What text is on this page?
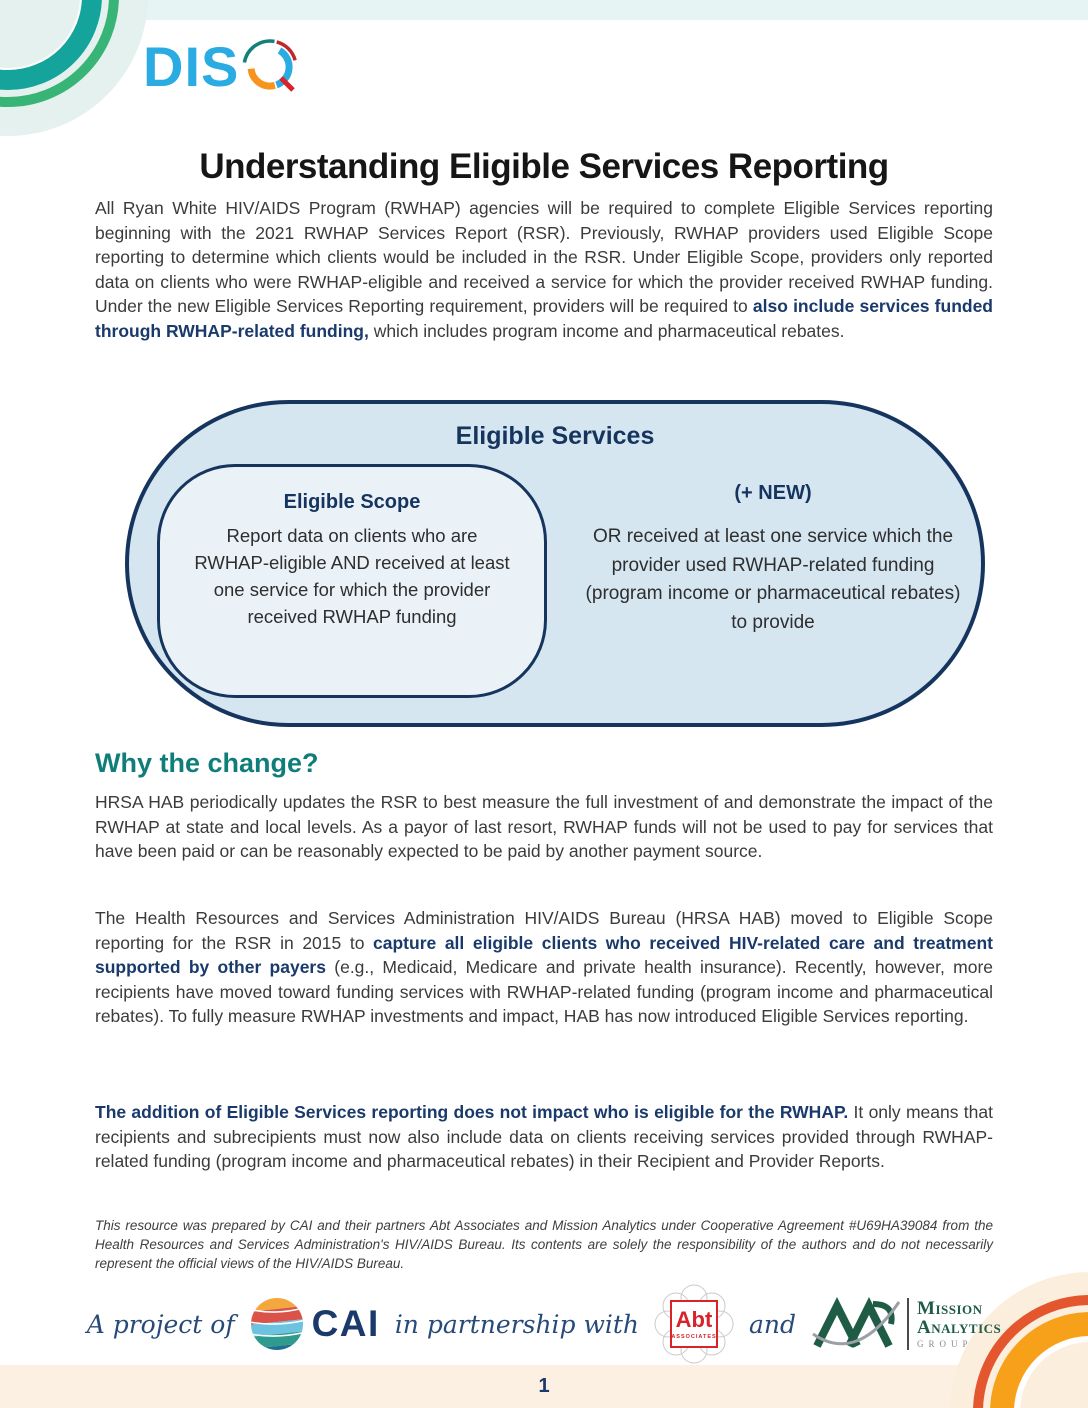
DIS
Understanding Eligible Services Reporting

All Ryan White HIV/AIDS Program (RWHAP) agencies will be required to complete Eligible Services reporting beginning with the 2021 RWHAP Services Report (RSR). Previously, RWHAP providers used Eligible Scope reporting to determine which clients would be included in the RSR. Under Eligible Scope, providers only reported data on clients who were RWHAP-eligible and received a service for which the provider received RWHAP funding. Under the new Eligible Services Reporting requirement, providers will be required to also include services funded through RWHAP-related funding, which includes program income and pharmaceutical rebates.

Eligible Services
Eligible Scope

Report data on clients who are RWHAP-eligible AND received at least one service for which the provider received RWHAP funding

(+ NEW)

OR received at least one service which the provider used RWHAP-related funding (program income or pharmaceutical rebates) to provide

Why the change?

HRSA HAB periodically updates the RSR to best measure the full investment of and demonstrate the impact of the RWHAP at state and local levels. As a payor of last resort, RWHAP funds will not be used to pay for services that have been paid or can be reasonably expected to be paid by another payment source.

The Health Resources and Services Administration HIV/AIDS Bureau (HRSA HAB) moved to Eligible Scope reporting for the RSR in 2015 to capture all eligible clients who received HIV-related care and treatment supported by other payers (e.g., Medicaid, Medicare and private health insurance). Recently, however, more recipients have moved toward funding services with RWHAP-related funding (program income and pharmaceutical rebates). To fully measure RWHAP investments and impact, HAB has now introduced Eligible Services reporting.

The addition of Eligible Services reporting does not impact who is eligible for the RWHAP. It only means that recipients and subrecipients must now also include data on clients receiving services provided through RWHAP-related funding (program income and pharmaceutical rebates) in their Recipient and Provider Reports.

This resource was prepared by CAI and their partners Abt Associates and Mission Analytics under Cooperative Agreement #U69HA39084 from the Health Resources and Services Administration's HIV/AIDS Bureau. Its contents are solely the responsibility of the authors and do not necessarily represent the official views of the HIV/AIDS Bureau.

A project of CAI in partnership with Abt
ASSOCIATES and
Mission
Analytics
GROUP
1
